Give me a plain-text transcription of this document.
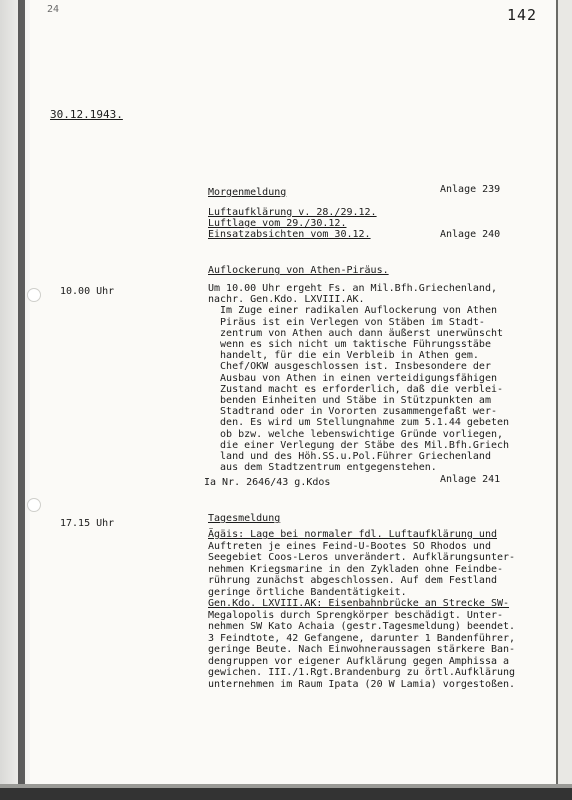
24	142
30.12.1943.
Morgenmeldung	Anlage 239
Luftaufklärung v. 28./29.12.
Luftlage vom 29./30.12.
Einsatzabsichten vom 30.12.	Anlage 240
Auflockerung von Athen-Piräus.
10.00 Uhr	Um 10.00 Uhr ergeht Fs. an Mil.Bfh.Griechenland,
nachr. Gen.Kdo. LXVIII.AK.
Im Zuge einer radikalen Auflockerung von Athen
Piräus ist ein Verlegen von Stäben im Stadt-
zentrum von Athen auch dann äußerst unerwünscht
wenn es sich nicht um taktische Führungsstäbe
handelt, für die ein Verbleib in Athen gem.
Chef/OKW ausgeschlossen ist. Insbesondere der
Ausbau von Athen in einen verteidigungsfähigen
Zustand macht es erforderlich, daß die verblei-
benden Einheiten und Stäbe in Stützpunkten am
Stadtrand oder in Vororten zusammengefaßt wer-
den. Es wird um Stellungnahme zum 5.1.44 gebeten
ob bzw. welche lebenswichtige Gründe vorliegen,
die einer Verlegung der Stäbe des Mil.Bfh.Griech
land und des Höh.SS.u.Pol.Führer Griechenland
aus dem Stadtzentrum entgegenstehen.
Ia Nr. 2646/43 g.Kdos	Anlage 241
Tagesmeldung
17.15 Uhr
Ägäis: Lage bei normaler fdl. Luftaufklärung und
Auftreten je eines Feind-U-Bootes SO Rhodos und
Seegebiet Coos-Leros unverändert. Aufklärungsunter-
nehmen Kriegsmarine in den Zykladen ohne Feindbe-
rührung zunächst abgeschlossen. Auf dem Festland
geringe örtliche Bandentätigkeit.
Gen.Kdo. LXVIII.AK: Eisenbahnbrücke an Strecke SW-
Megalopolis durch Sprengkörper beschädigt. Unter-
nehmen SW Kato Achaia (gestr.Tagesmeldung) beendet.
3 Feindtote, 42 Gefangene, darunter 1 Bandenführer,
geringe Beute. Nach Einwohneraussagen stärkere Ban-
dengruppen vor eigener Aufklärung gegen Amphissa a
gewichen. III./1.Rgt.Brandenburg zu örtl.Aufklärung
unternehmen im Raum Ipata (20 W Lamia) vorgestoßen.
